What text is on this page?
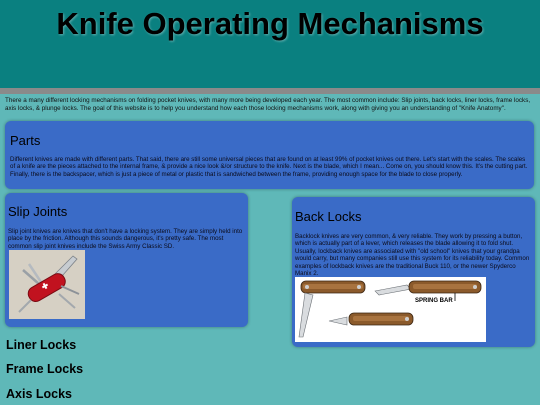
Knife Operating Mechanisms

There a many different locking mechanisms on folding pocket knives, with many more being developed each year. The most common include: Slip joints, back locks, liner locks, frame locks, axis locks, & plunge locks. The goal of this website is to help you understand how each those locking mechanisms work, along with giving you an understanding of "Knife Anatomy".

Parts

Different knives are made with different parts. That said, there are still some universal pieces that are found on at least 99% of pocket knives out there. Let's start with the scales. The scales of a knife are the pieces attached to the internal frame, & provide a nice look &/or structure to the knife. Next is the blade, which I mean... Come on, you should know this. It's the cutting part. Finally, there is the backspacer, which is just a piece of metal or plastic that is sandwiched between the frame, providing enough space for the blade to close properly.

Slip Joints

Slip joint knives are knives that don't have a locking system. They are simply held into place by the friction. Although this sounds dangerous, it's pretty safe. The most common slip joint knives include the Swiss Army Classic SD.

Back Locks

Backlock knives are very common, & very reliable. They work by pressing a button, which is actually part of a lever, which releases the blade allowing it to fold shut. Usually, lockback knives are associated with "old school" knives that your grandpa would carry, but many companies still use this system for its reliability today. Common examples of lockback knives are the traditional Buck 110, or the newer Spyderco Manix 2.

SPRING BAR
Liner Locks
Frame Locks
Axis Locks
